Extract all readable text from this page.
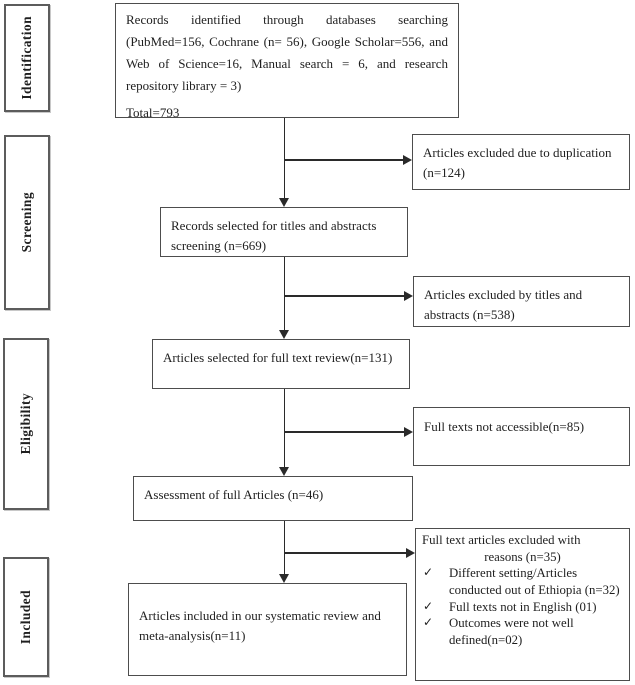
Identification
Screening
Eligibility
Included

Records identified through databases searching (PubMed=156, Cochrane (n= 56), Google Scholar=556, and Web of Science=16, Manual search = 6, and research repository library = 3)

Total=793

Records selected for titles and abstracts screening (n=669)
Articles selected for full text review(n=131)
Assessment of full Articles (n=46)
Articles included in our systematic review and meta-analysis(n=11)
Articles excluded due to duplication (n=124)
Articles excluded by titles and abstracts (n=538)
Full texts not accessible(n=85)
Full text articles excluded with
reasons (n=35)
✓	Different setting/Articles conducted out of Ethiopia (n=32)
✓	Full texts not in English (01)
✓	Outcomes were not well defined(n=02)
